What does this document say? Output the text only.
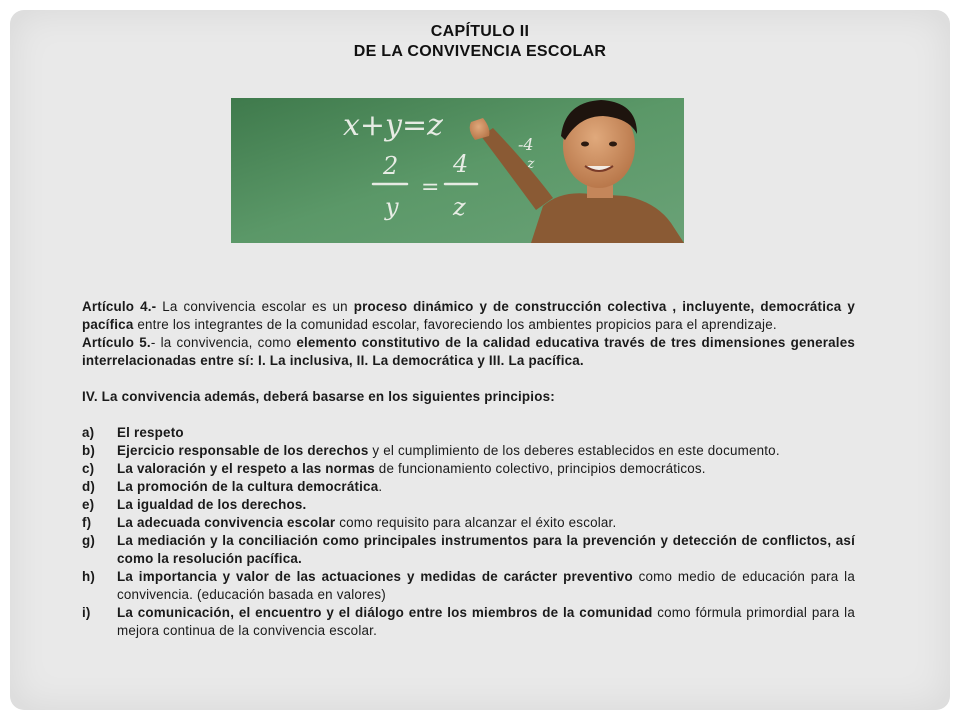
CAPÍTULO II
DE LA CONVIVENCIA ESCOLAR
x+y=z
2
y
=
4
z
-4
z

Artículo 4.- La convivencia escolar es un proceso dinámico y de construcción colectiva , incluyente, democrática y pacífica entre los integrantes de la comunidad escolar, favoreciendo los ambientes propicios para el aprendizaje.

Artículo 5.- la convivencia, como elemento constitutivo de la calidad educativa través de tres dimensiones generales interrelacionadas entre sí: I. La inclusiva, II. La democrática y III. La pacífica.

IV. La convivencia además, deberá basarse en los siguientes principios:

a) El respeto
b) Ejercicio responsable de los derechos y el cumplimiento de los deberes establecidos en este documento.
c) La valoración y el respeto a las normas de funcionamiento colectivo, principios democráticos.
d) La promoción de la cultura democrática.
e) La igualdad de los derechos.
f) La adecuada convivencia escolar como requisito para alcanzar el éxito escolar.
g) La mediación y la conciliación como principales instrumentos para la prevención y detección de conflictos, así como la resolución pacífica.
h) La importancia y valor de las actuaciones y medidas de carácter preventivo como medio de educación para la convivencia. (educación basada en valores)
i) La comunicación, el encuentro y el diálogo entre los miembros de la comunidad como fórmula primordial para la mejora continua de la convivencia escolar.
